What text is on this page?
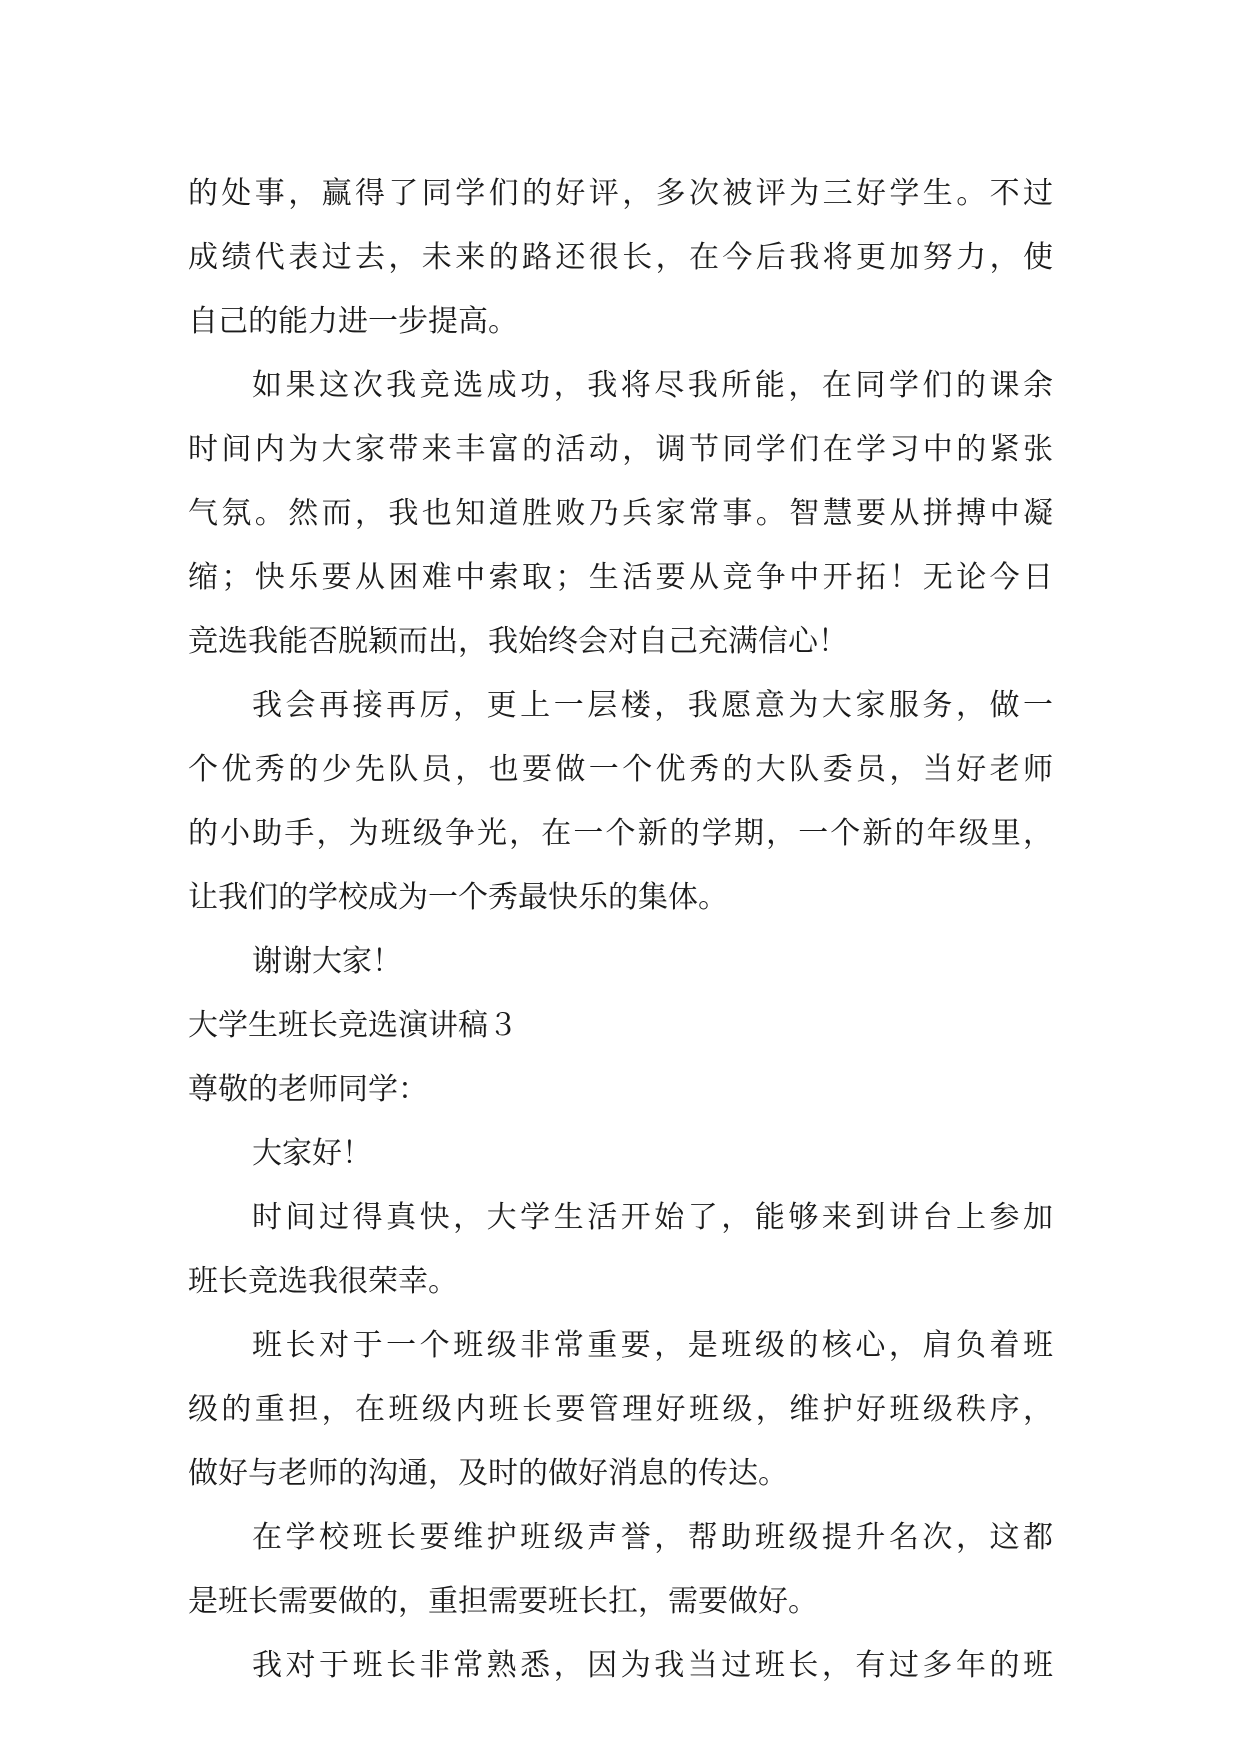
的处事，赢得了同学们的好评，多次被评为三好学生。不过
成绩代表过去，未来的路还很长，在今后我将更加努力，使
自己的能力进一步提高。
如果这次我竞选成功，我将尽我所能，在同学们的课余
时间内为大家带来丰富的活动，调节同学们在学习中的紧张
气氛。然而，我也知道胜败乃兵家常事。智慧要从拼搏中凝
缩；快乐要从困难中索取；生活要从竞争中开拓！无论今日
竞选我能否脱颖而出，我始终会对自己充满信心！
我会再接再厉，更上一层楼，我愿意为大家服务，做一
个优秀的少先队员，也要做一个优秀的大队委员，当好老师
的小助手，为班级争光，在一个新的学期，一个新的年级里，
让我们的学校成为一个秀最快乐的集体。
谢谢大家！
大学生班长竞选演讲稿３
尊敬的老师同学：
大家好！
时间过得真快，大学生活开始了，能够来到讲台上参加
班长竞选我很荣幸。
班长对于一个班级非常重要，是班级的核心，肩负着班
级的重担，在班级内班长要管理好班级，维护好班级秩序，
做好与老师的沟通，及时的做好消息的传达。
在学校班长要维护班级声誉，帮助班级提升名次，这都
是班长需要做的，重担需要班长扛，需要做好。
我对于班长非常熟悉，因为我当过班长，有过多年的班
